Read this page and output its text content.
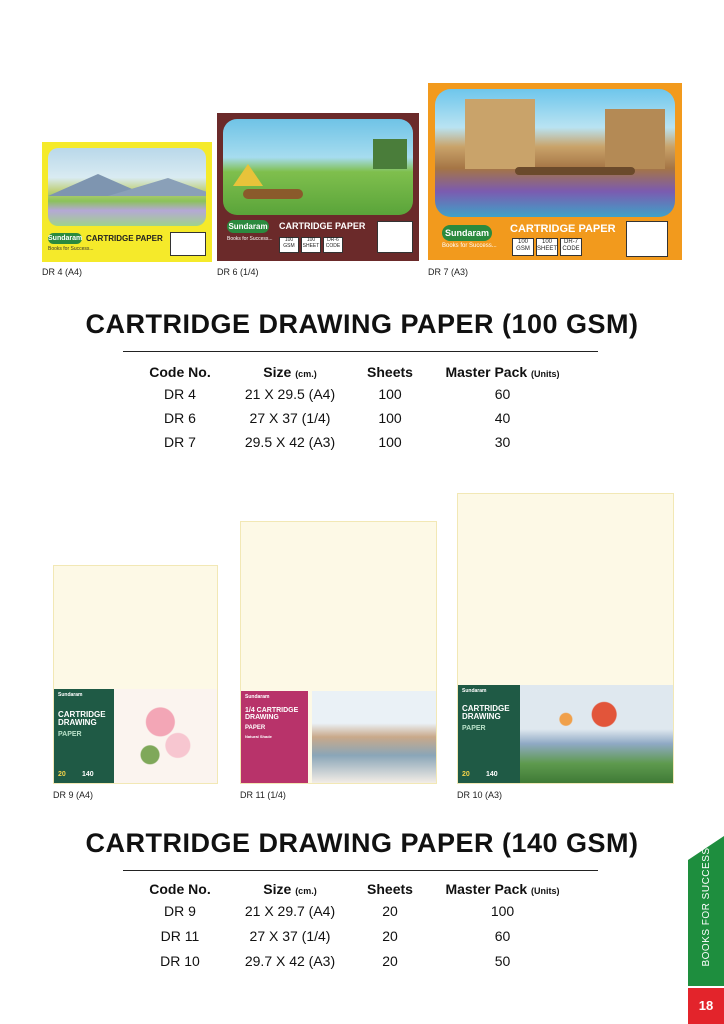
Sundaram CARTRIDGE PAPER
Books for Success...
DR 4 (A4)
Sundaram CARTRIDGE PAPER
Books for Success...	100
GSM
100
SHEET
DR-6
CODE
DR 6 (1/4)
Sundaram CARTRIDGE PAPER
Books for Success...
100
GSM
100
SHEET
DR-7
CODE
DR 7 (A3)
CARTRIDGE DRAWING PAPER (100 GSM)
Code No.	Size (cm.)	Sheets	Master Pack (Units)
DR 4	21 X 29.5 (A4)	100	60
DR 6	27 X 37 (1/4)	100	40
DR 7	29.5 X 42 (A3)	100	30
Sundaram
CARTRIDGE DRAWING
PAPER
20 140
DR 9 (A4)
Sundaram
1/4 CARTRIDGE DRAWING
PAPER
Natural Shade
DR 11 (1/4)
Sundaram
CARTRIDGE DRAWING
PAPER
20 140
DR 10 (A3)
CARTRIDGE DRAWING PAPER (140 GSM)
Code No.	Size (cm.)	Sheets	Master Pack (Units)
DR 9	21 X 29.7 (A4)	20	100
DR 11	27 X 37 (1/4)	20	60
DR 10	29.7 X 42 (A3)	20	50	BOOKS FOR SUCCESS
18
